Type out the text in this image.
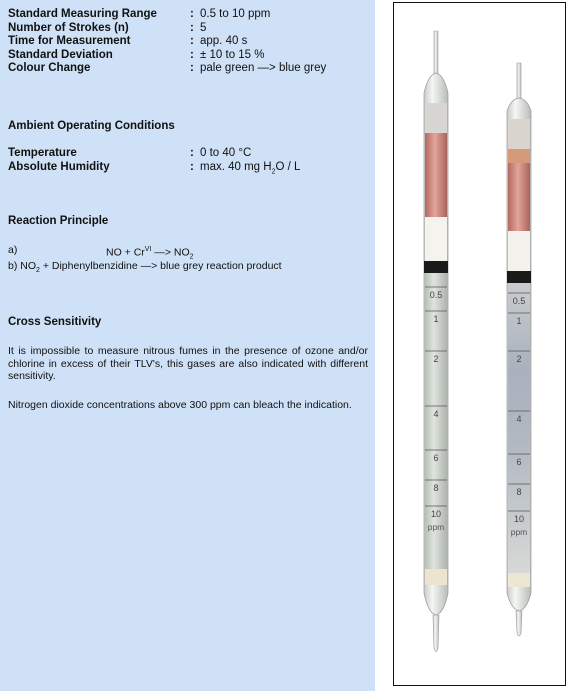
Standard Measuring Range	: 0.5 to 10 ppm
Number of Strokes (n)	: 5
Time for Measurement	: app. 40 s
Standard Deviation	: ± 10 to 15 %
Colour Change	: pale green —> blue grey
Ambient Operating Conditions
Temperature	: 0 to 40 °C
Absolute Humidity	: max. 40 mg $H_2O$ / L
Reaction Principle
a)	NO + $Cr^{VI}$ —> $NO_2$
b) $NO_2$ + Diphenylbenzidine —> blue grey reaction product
Cross Sensitivity
It is impossible to measure nitrous fumes in the presence of ozone and/or chlorine in excess of their TLV's, this gases are also indicated with different sensitivity.
Nitrogen dioxide concentrations above 300 ppm can bleach the indication.
0.5
1
2
4
6
8
10
ppm
0.5
1
2
4
6
8
10
ppm
